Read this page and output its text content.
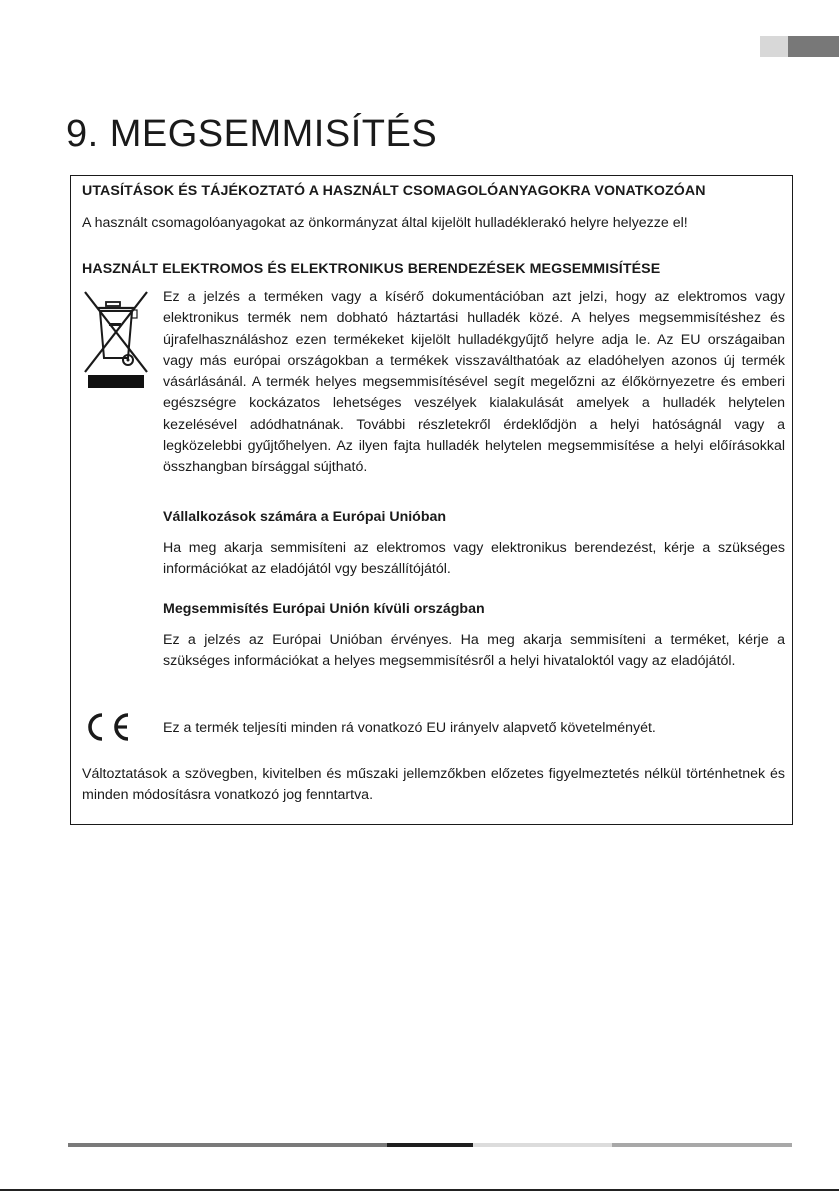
9. MEGSEMMISÍTÉS
UTASÍTÁSOK ÉS TÁJÉKOZTATÓ A HASZNÁLT CSOMAGOLÓANYAGOKRA VONATKOZÓAN

A használt csomagolóanyagokat az önkormányzat által kijelölt hulladéklerakó helyre helyezze el!

HASZNÁLT ELEKTROMOS ÉS ELEKTRONIKUS BERENDEZÉSEK MEGSEMMISÍTÉSE

Ez a jelzés a terméken vagy a kísérő dokumentációban azt jelzi, hogy az elektromos vagy elektronikus termék nem dobható háztartási hulladék közé. A helyes megsemmisítéshez és újrafelhasználáshoz ezen termékeket kijelölt hulladékgyűjtő helyre adja le. Az EU országaiban vagy más európai országokban a termékek visszaválthatóak az eladóhelyen azonos új termék vásárlásánál. A termék helyes megsemmisítésével segít megelőzni az élőkörnyezetre és emberi egészségre kockázatos lehetséges veszélyek kialakulását amelyek a hulladék helytelen kezelésével adódhatnának. További részletekről érdeklődjön a helyi hatóságnál vagy a legközelebbi gyűjtőhelyen. Az ilyen fajta hulladék helytelen megsemmisítése a helyi előírásokkal összhangban bírsággal sújtható.

Vállalkozások számára a Európai Unióban

Ha meg akarja semmisíteni az elektromos vagy elektronikus berendezést, kérje a szükséges információkat az eladójától vgy beszállítójától.

Megsemmisítés Európai Unión kívüli országban

Ez a jelzés az Európai Unióban érvényes. Ha meg akarja semmisíteni a terméket, kérje a szükséges információkat a helyes megsemmisítésről a helyi hivataloktól vagy az eladójától.

Ez a termék teljesíti minden rá vonatkozó EU irányelv alapvető követelményét.

Változtatások a szövegben, kivitelben és műszaki jellemzőkben előzetes figyelmeztetés nélkül történhetnek és minden módosításra vonatkozó jog fenntartva.
